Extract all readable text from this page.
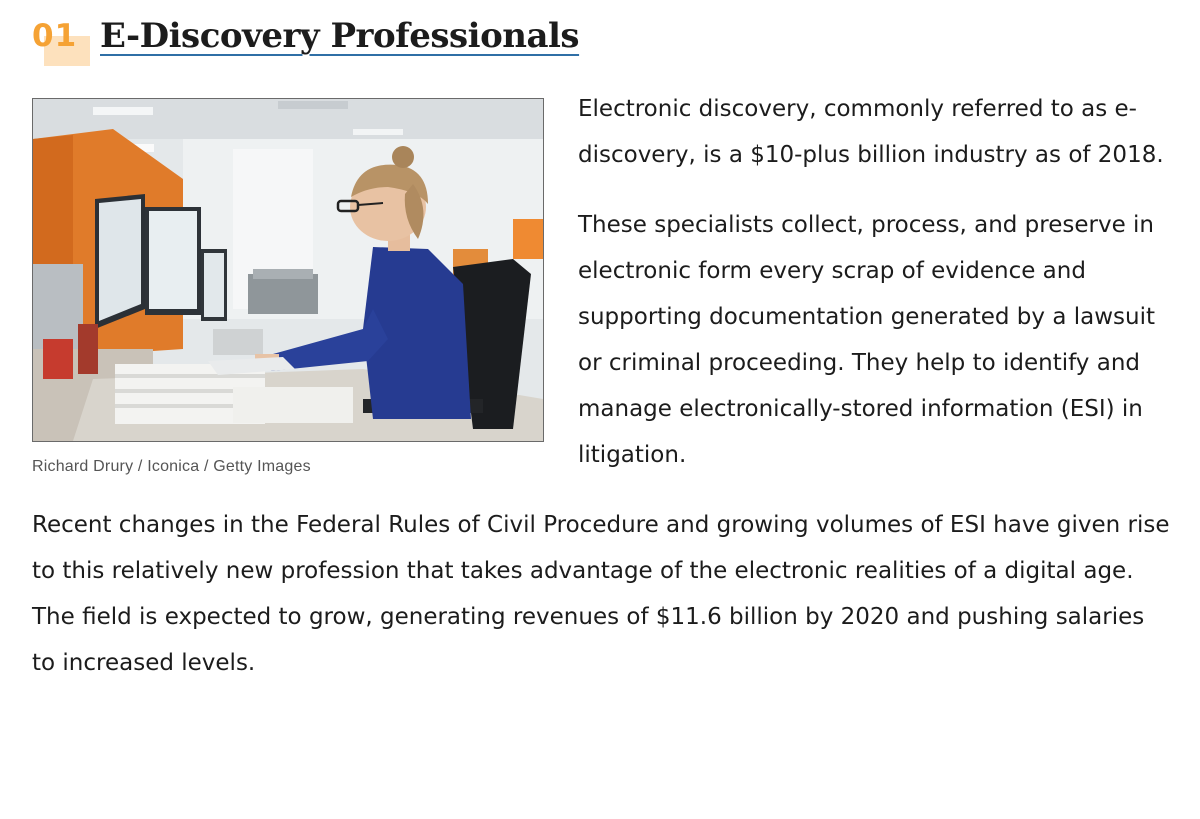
01 E-Discovery Professionals
Richard Drury / Iconica / Getty Images

Electronic discovery, commonly referred to as e-discovery, is a $10-plus billion industry as of 2018.

These specialists collect, process, and preserve in electronic form every scrap of evidence and supporting documentation generated by a lawsuit or criminal proceeding. They help to identify and manage electronically-stored information (ESI) in litigation.

Recent changes in the Federal Rules of Civil Procedure and growing volumes of ESI have given rise to this relatively new profession that takes advantage of the electronic realities of a digital age. The field is expected to grow, generating revenues of $11.6 billion by 2020 and pushing salaries to increased levels.
